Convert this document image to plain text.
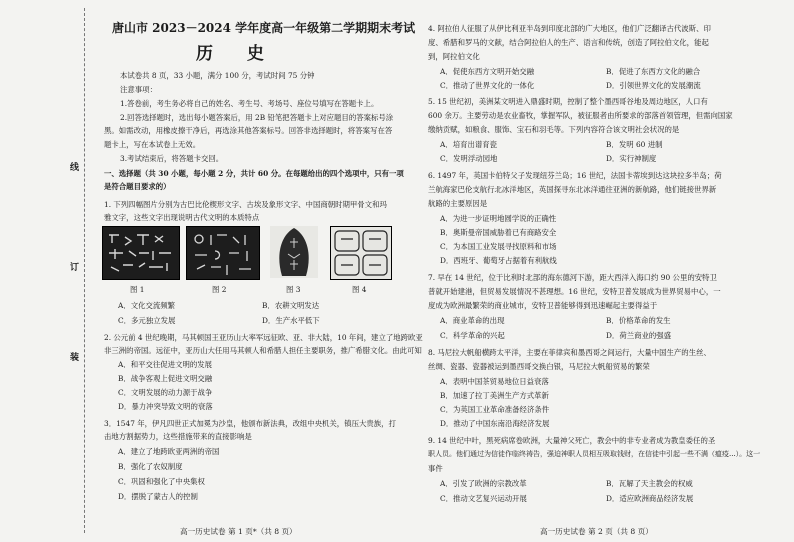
线
订
装
唐山市 2023－2024 学年度高一年级第二学期期末考试
历 史
本试卷共 8 页，33 小题，满分 100 分，考试时间 75 分钟
注意事项：
1.答卷前，考生务必将自己的姓名、考生号、考场号、座位号填写在答题卡上。
2.回答选择题时，选出每小题答案后，用 2B 铅笔把答题卡上对应题目的答案标号涂
黑。如需改动，用橡皮擦干净后，再选涂其他答案标号。回答非选择题时，将答案写在答
题卡上，写在本试卷上无效。
3.考试结束后，将答题卡交回。
一、选择题（共 30 小题，每小题 2 分，共计 60 分。在每题给出的四个选项中，只有一项
是符合题目要求的）
1. 下列四幅图片分别为古巴比伦楔形文字、古埃及象形文字、中国商朝时期甲骨文和玛
雅文字，这些文字出现说明古代文明的本质特点
图 1	图 2	图 3	图 4
A．文化交流频繁	B．农耕文明发达
C．多元独立发展	D．生产水平低下
2. 公元前 4 世纪晚期，马其顿国王亚历山大率军远征欧、亚、非大陆，10 年间，建立了地跨欧亚
非三洲的帝国。远征中，亚历山大任用马其顿人和希腊人担任主要职务，推广希腊文化。由此可知
A．和平交往促进文明的发展
B．战争客观上促进文明交融
C．文明发展的动力源于战争
D．暴力冲突导致文明的衰落
3．1547 年，伊凡四世正式加冕为沙皇，他颁布新法典，改组中央机关，镇压大贵族，打
击地方割据势力，这些措施带来的直接影响是
A．建立了地跨欧亚两洲的帝国
B．强化了农奴制度
C．巩固和强化了中央集权
D．摆脱了蒙古人的控制
高一历史试卷 第 1 页*（共 8 页）
4. 阿拉伯人征服了从伊比利亚半岛到印度北部的广大地区，他们广泛翻译古代波斯、印
度、希腊和罗马的文献，结合阿拉伯人的生产、语言和传统，创造了阿拉伯文化，能起
到，阿拉伯文化
A．促使东西方文明开始交融	B．促进了东西方文化的融合
C．推动了世界文化的一体化	D．引领世界文化的发展潮流
5. 15 世纪初，美洲某文明进入鼎盛时期，控制了整个墨西哥谷地及周边地区，人口有
600 余万。主要劳动是农业畜牧，掌握军队，被征服者由所要求的部落首领管理，但需向国家
缴纳贡赋，如粮食、服饰、宝石和羽毛等。下列内容符合该文明社会状况的是
A．培育出谱育瓷	B．发明 60 进制
C．发明浮动园地	D．实行神制度
6. 1497 年，英国卡伯特父子发现纽芬兰岛；16 世纪，法国卡蒂埃到达这块拉多半岛；荷
兰航海家巴伦支航行北冰洋地区，英国探寻东北冰洋通往亚洲的新航路，他们链接世界新
航路的主要原因是
A．为进一步证明地圆学说的正确性
B．奥斯曼帝国威胁着已有商路安全
C．为本国工业发展寻找原料和市场
D．西班牙、葡萄牙占据着有利航线
7. 早在 14 世纪，位于比利时北部的海东德河下游，距大西洋入海口约 90 公里的安特卫
普就开始建港，但贸易发展情况不甚理想。16 世纪，安特卫普发展成为世界贸易中心，一
度成为欧洲最繁荣的商业城市，安特卫普能够得到迅速崛起主要得益于
A．商业革命的出现	B．价格革命的发生
C．科学革命的兴起	D．荷兰商业的强盛
8. 马尼拉大帆船横跨太平洋，主要在菲律宾和墨西哥之间运行，大量中国生产的生丝、
丝绸、瓷器、瓷器被运到墨西哥交换白银，马尼拉大帆船贸易的繁荣
A．表明中国茶贸易地位日益衰落
B．加速了拉丁美洲生产方式革新
C．为英国工业革命准备经济条件
D．推动了中国东南沿海经济发展
9. 14 世纪中叶，黑死病席卷欧洲，大量神父死亡，教会中的非专业者成为教皇委任的圣
职人员。他们通过为信徒作临终祷告，强迫神职人员相互吸取钱财，在信徒中引起一些不满（瘟疫...）。这一
事件
A．引发了欧洲的宗教改革	B．瓦解了天主教会的权威
C．推动文艺复兴运动开展	D．适应欧洲商品经济发展
高一历史试卷 第 2 页（共 8 页）
